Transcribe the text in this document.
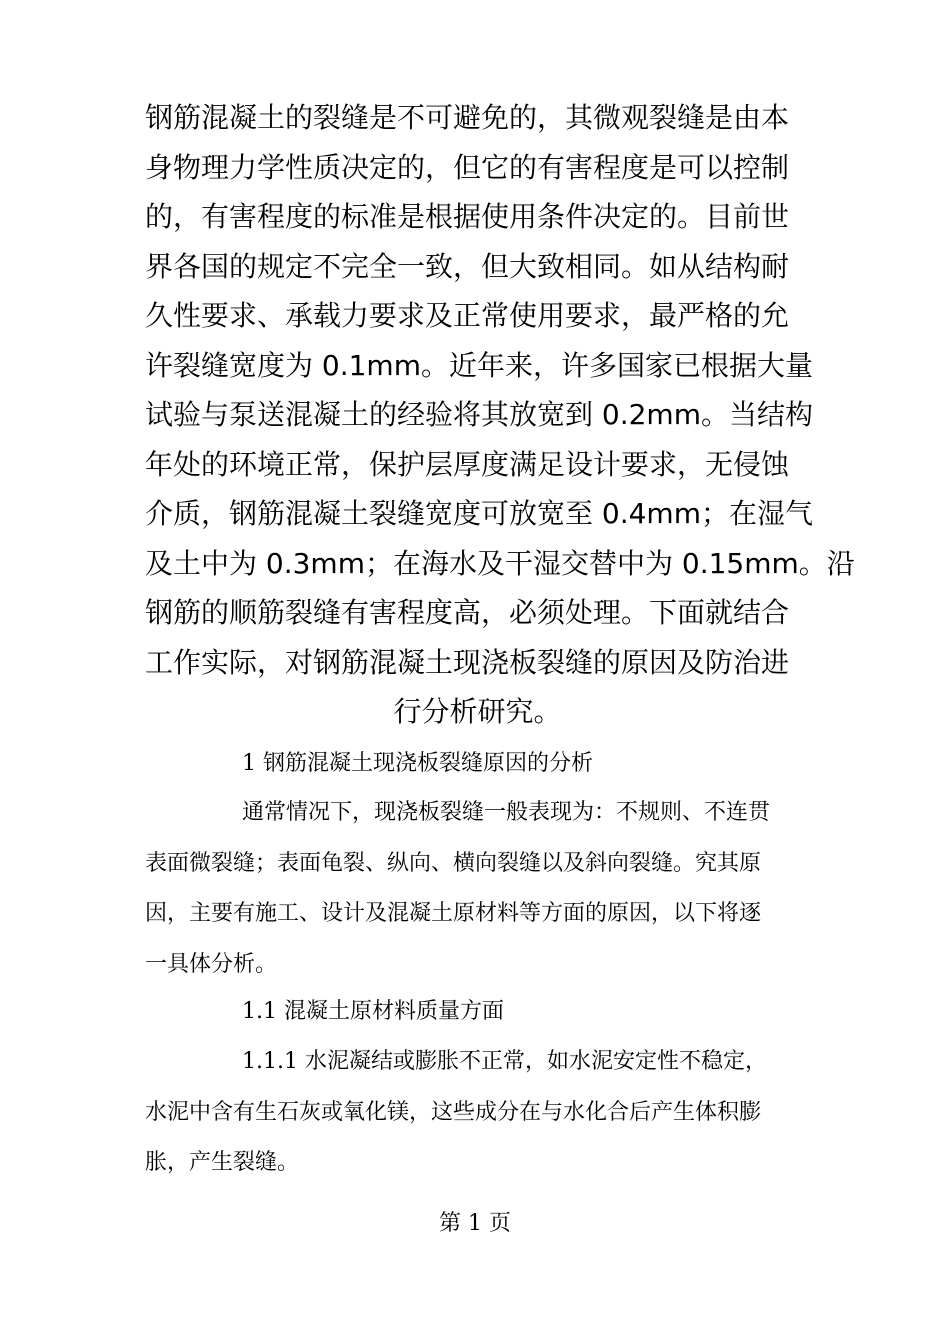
钢筋混凝土的裂缝是不可避免的，其微观裂缝是由本
身物理力学性质决定的，但它的有害程度是可以控制
的，有害程度的标准是根据使用条件决定的。目前世
界各国的规定不完全一致，但大致相同。如从结构耐
久性要求、承载力要求及正常使用要求，最严格的允
许裂缝宽度为 0.1mm。近年来，许多国家已根据大量
试验与泵送混凝土的经验将其放宽到 0.2mm。当结构
年处的环境正常，保护层厚度满足设计要求，无侵蚀
介质，钢筋混凝土裂缝宽度可放宽至 0.4mm；在湿气
及土中为 0.3mm；在海水及干湿交替中为 0.15mm。沿
钢筋的顺筋裂缝有害程度高，必须处理。下面就结合
工作实际，对钢筋混凝土现浇板裂缝的原因及防治进
行分析研究。
1 钢筋混凝土现浇板裂缝原因的分析
通常情况下，现浇板裂缝一般表现为：不规则、不连贯
表面微裂缝；表面龟裂、纵向、横向裂缝以及斜向裂缝。究其原
因，主要有施工、设计及混凝土原材料等方面的原因，以下将逐
一具体分析。
1.1 混凝土原材料质量方面
1.1.1 水泥凝结或膨胀不正常，如水泥安定性不稳定，
水泥中含有生石灰或氧化镁，这些成分在与水化合后产生体积膨
胀，产生裂缝。
第 1 页
